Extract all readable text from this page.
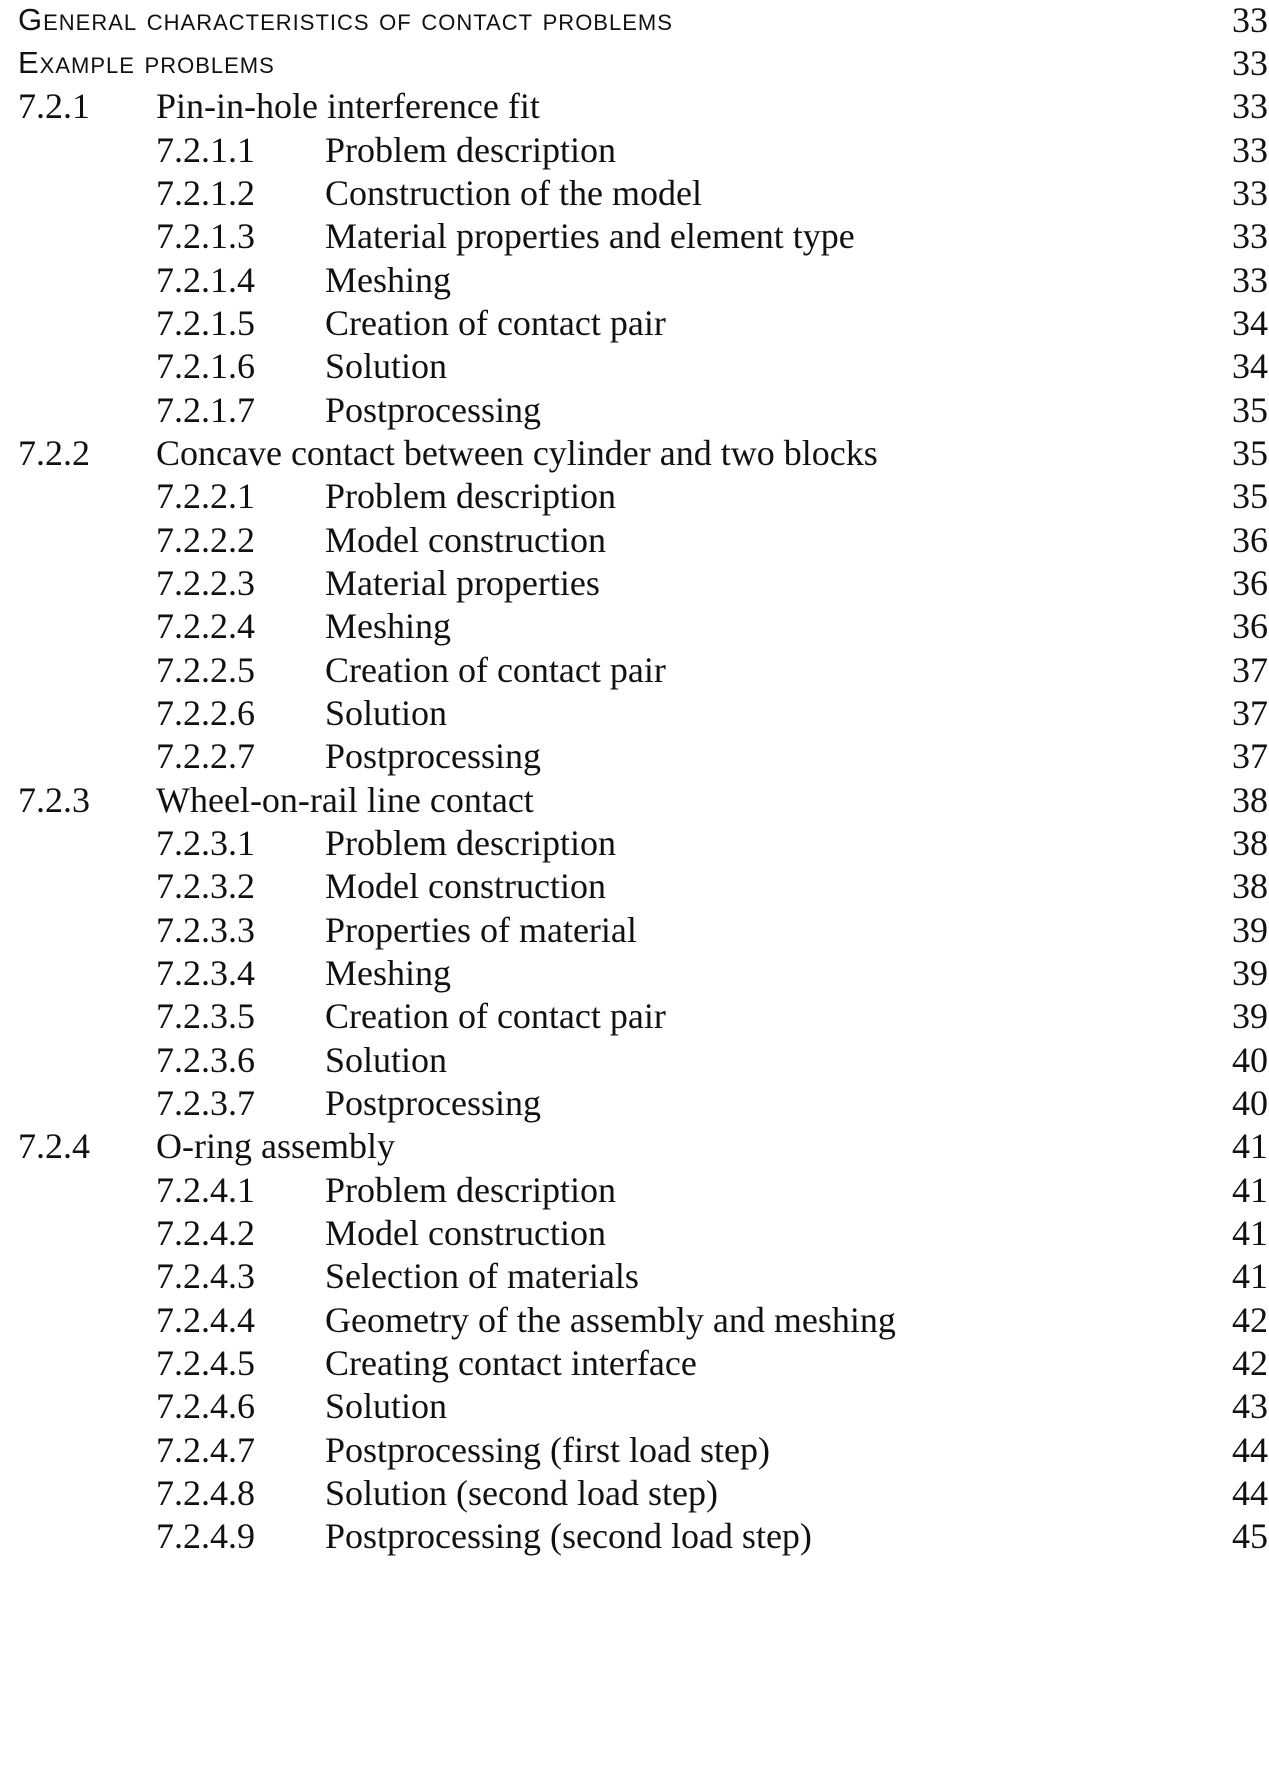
General characteristics of contact problems	33
Example problems	33
7.2.1 Pin-in-hole interference fit	33
7.2.1.1 Problem description	33
7.2.1.2 Construction of the model	33
7.2.1.3 Material properties and element type	33
7.2.1.4 Meshing	33
7.2.1.5 Creation of contact pair	34
7.2.1.6 Solution	34
7.2.1.7 Postprocessing	35
7.2.2 Concave contact between cylinder and two blocks	35
7.2.2.1 Problem description	35
7.2.2.2 Model construction	36
7.2.2.3 Material properties	36
7.2.2.4 Meshing	36
7.2.2.5 Creation of contact pair	37
7.2.2.6 Solution	37
7.2.2.7 Postprocessing	37
7.2.3 Wheel-on-rail line contact	38
7.2.3.1 Problem description	38
7.2.3.2 Model construction	38
7.2.3.3 Properties of material	39
7.2.3.4 Meshing	39
7.2.3.5 Creation of contact pair	39
7.2.3.6 Solution	40
7.2.3.7 Postprocessing	40
7.2.4 O-ring assembly	41
7.2.4.1 Problem description	41
7.2.4.2 Model construction	41
7.2.4.3 Selection of materials	41
7.2.4.4 Geometry of the assembly and meshing	42
7.2.4.5 Creating contact interface	42
7.2.4.6 Solution	43
7.2.4.7 Postprocessing (first load step)	44
7.2.4.8 Solution (second load step)	44
7.2.4.9 Postprocessing (second load step)	45
